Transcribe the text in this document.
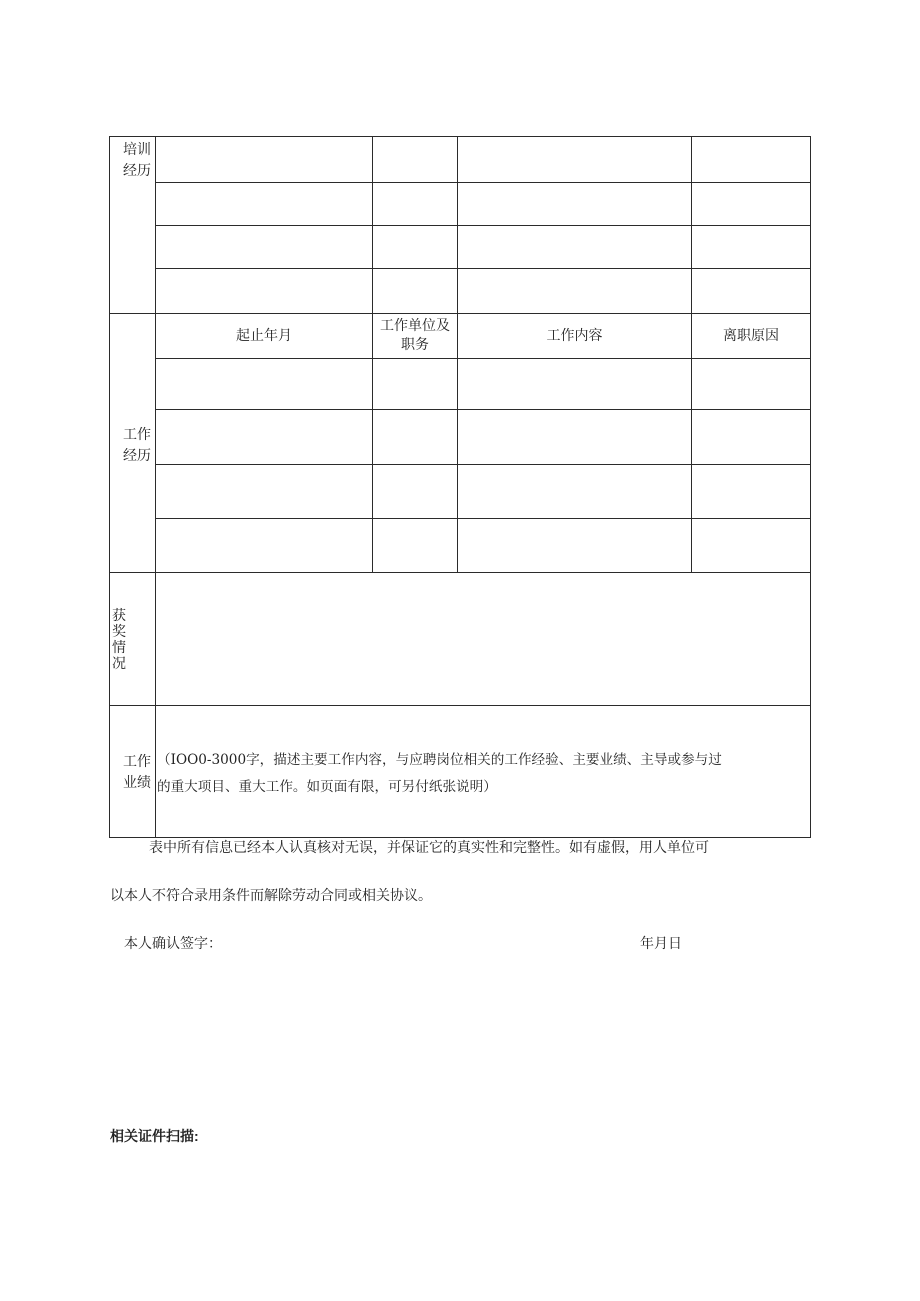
培训经历
工作经历
获奖情况
工作业绩
起止年月
工作单位及职务
工作内容	离职原因
（IOO0-3000字，描述主要工作内容，与应聘岗位相关的工作经验、主要业绩、主导或参与过
的重大项目、重大工作。如页面有限，可另付纸张说明）
表中所有信息已经本人认真核对无误，并保证它的真实性和完整性。如有虚假，用人单位可
以本人不符合录用条件而解除劳动合同或相关协议。
本人确认签字：	年月日
相关证件扫描:
